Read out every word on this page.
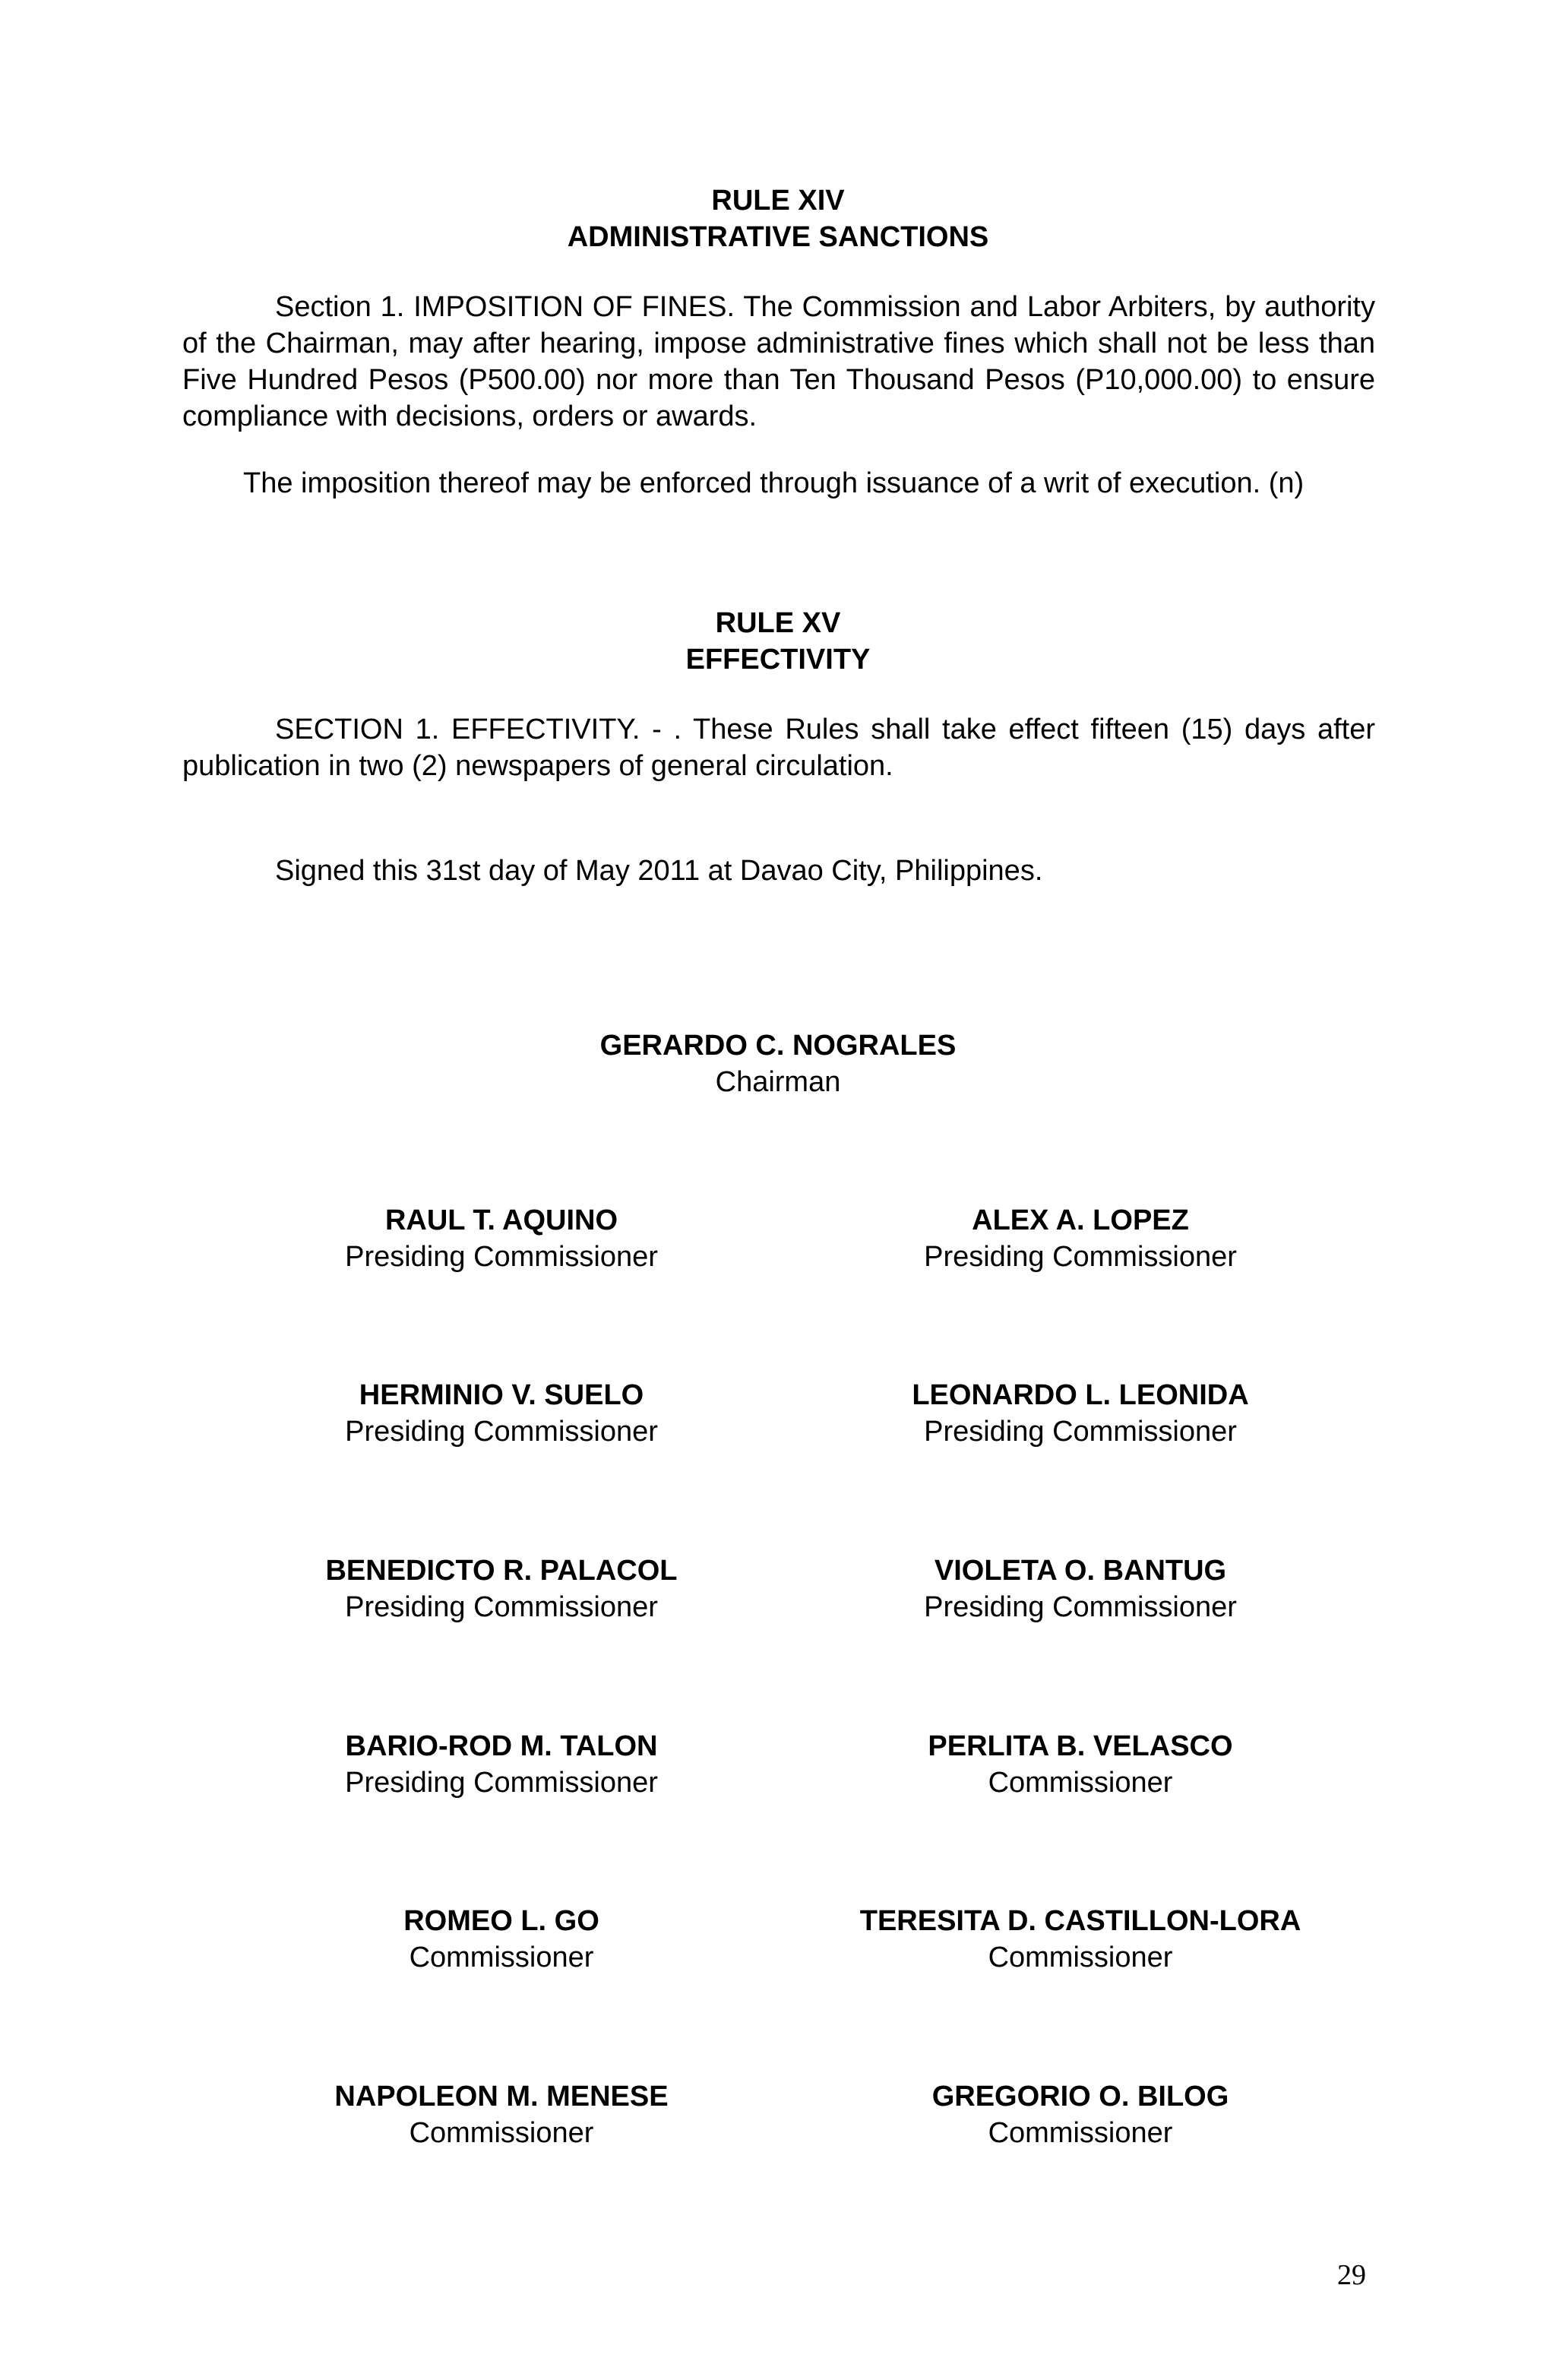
RULE XIV
ADMINISTRATIVE SANCTIONS
Section 1. IMPOSITION OF FINES. The Commission and Labor Arbiters, by authority of the Chairman, may after hearing, impose administrative fines which shall not be less than Five Hundred Pesos (P500.00) nor more than Ten Thousand Pesos (P10,000.00) to ensure compliance with decisions, orders or awards.
The imposition thereof may be enforced through issuance of a writ of execution. (n)
RULE XV
EFFECTIVITY
SECTION 1. EFFECTIVITY. - . These Rules shall take effect fifteen (15) days after publication in two (2) newspapers of general circulation.
Signed this 31st day of May 2011 at Davao City, Philippines.
GERARDO C. NOGRALES
Chairman
RAUL T. AQUINO
Presiding Commissioner
ALEX A. LOPEZ
Presiding Commissioner
HERMINIO V. SUELO
Presiding Commissioner
LEONARDO L. LEONIDA
Presiding Commissioner
BENEDICTO R. PALACOL
Presiding Commissioner
VIOLETA O. BANTUG
Presiding Commissioner
BARIO-ROD M. TALON
Presiding Commissioner
PERLITA B. VELASCO
Commissioner
ROMEO L. GO
Commissioner
TERESITA D. CASTILLON-LORA
Commissioner
NAPOLEON M. MENESE
Commissioner
GREGORIO O. BILOG
Commissioner
29
